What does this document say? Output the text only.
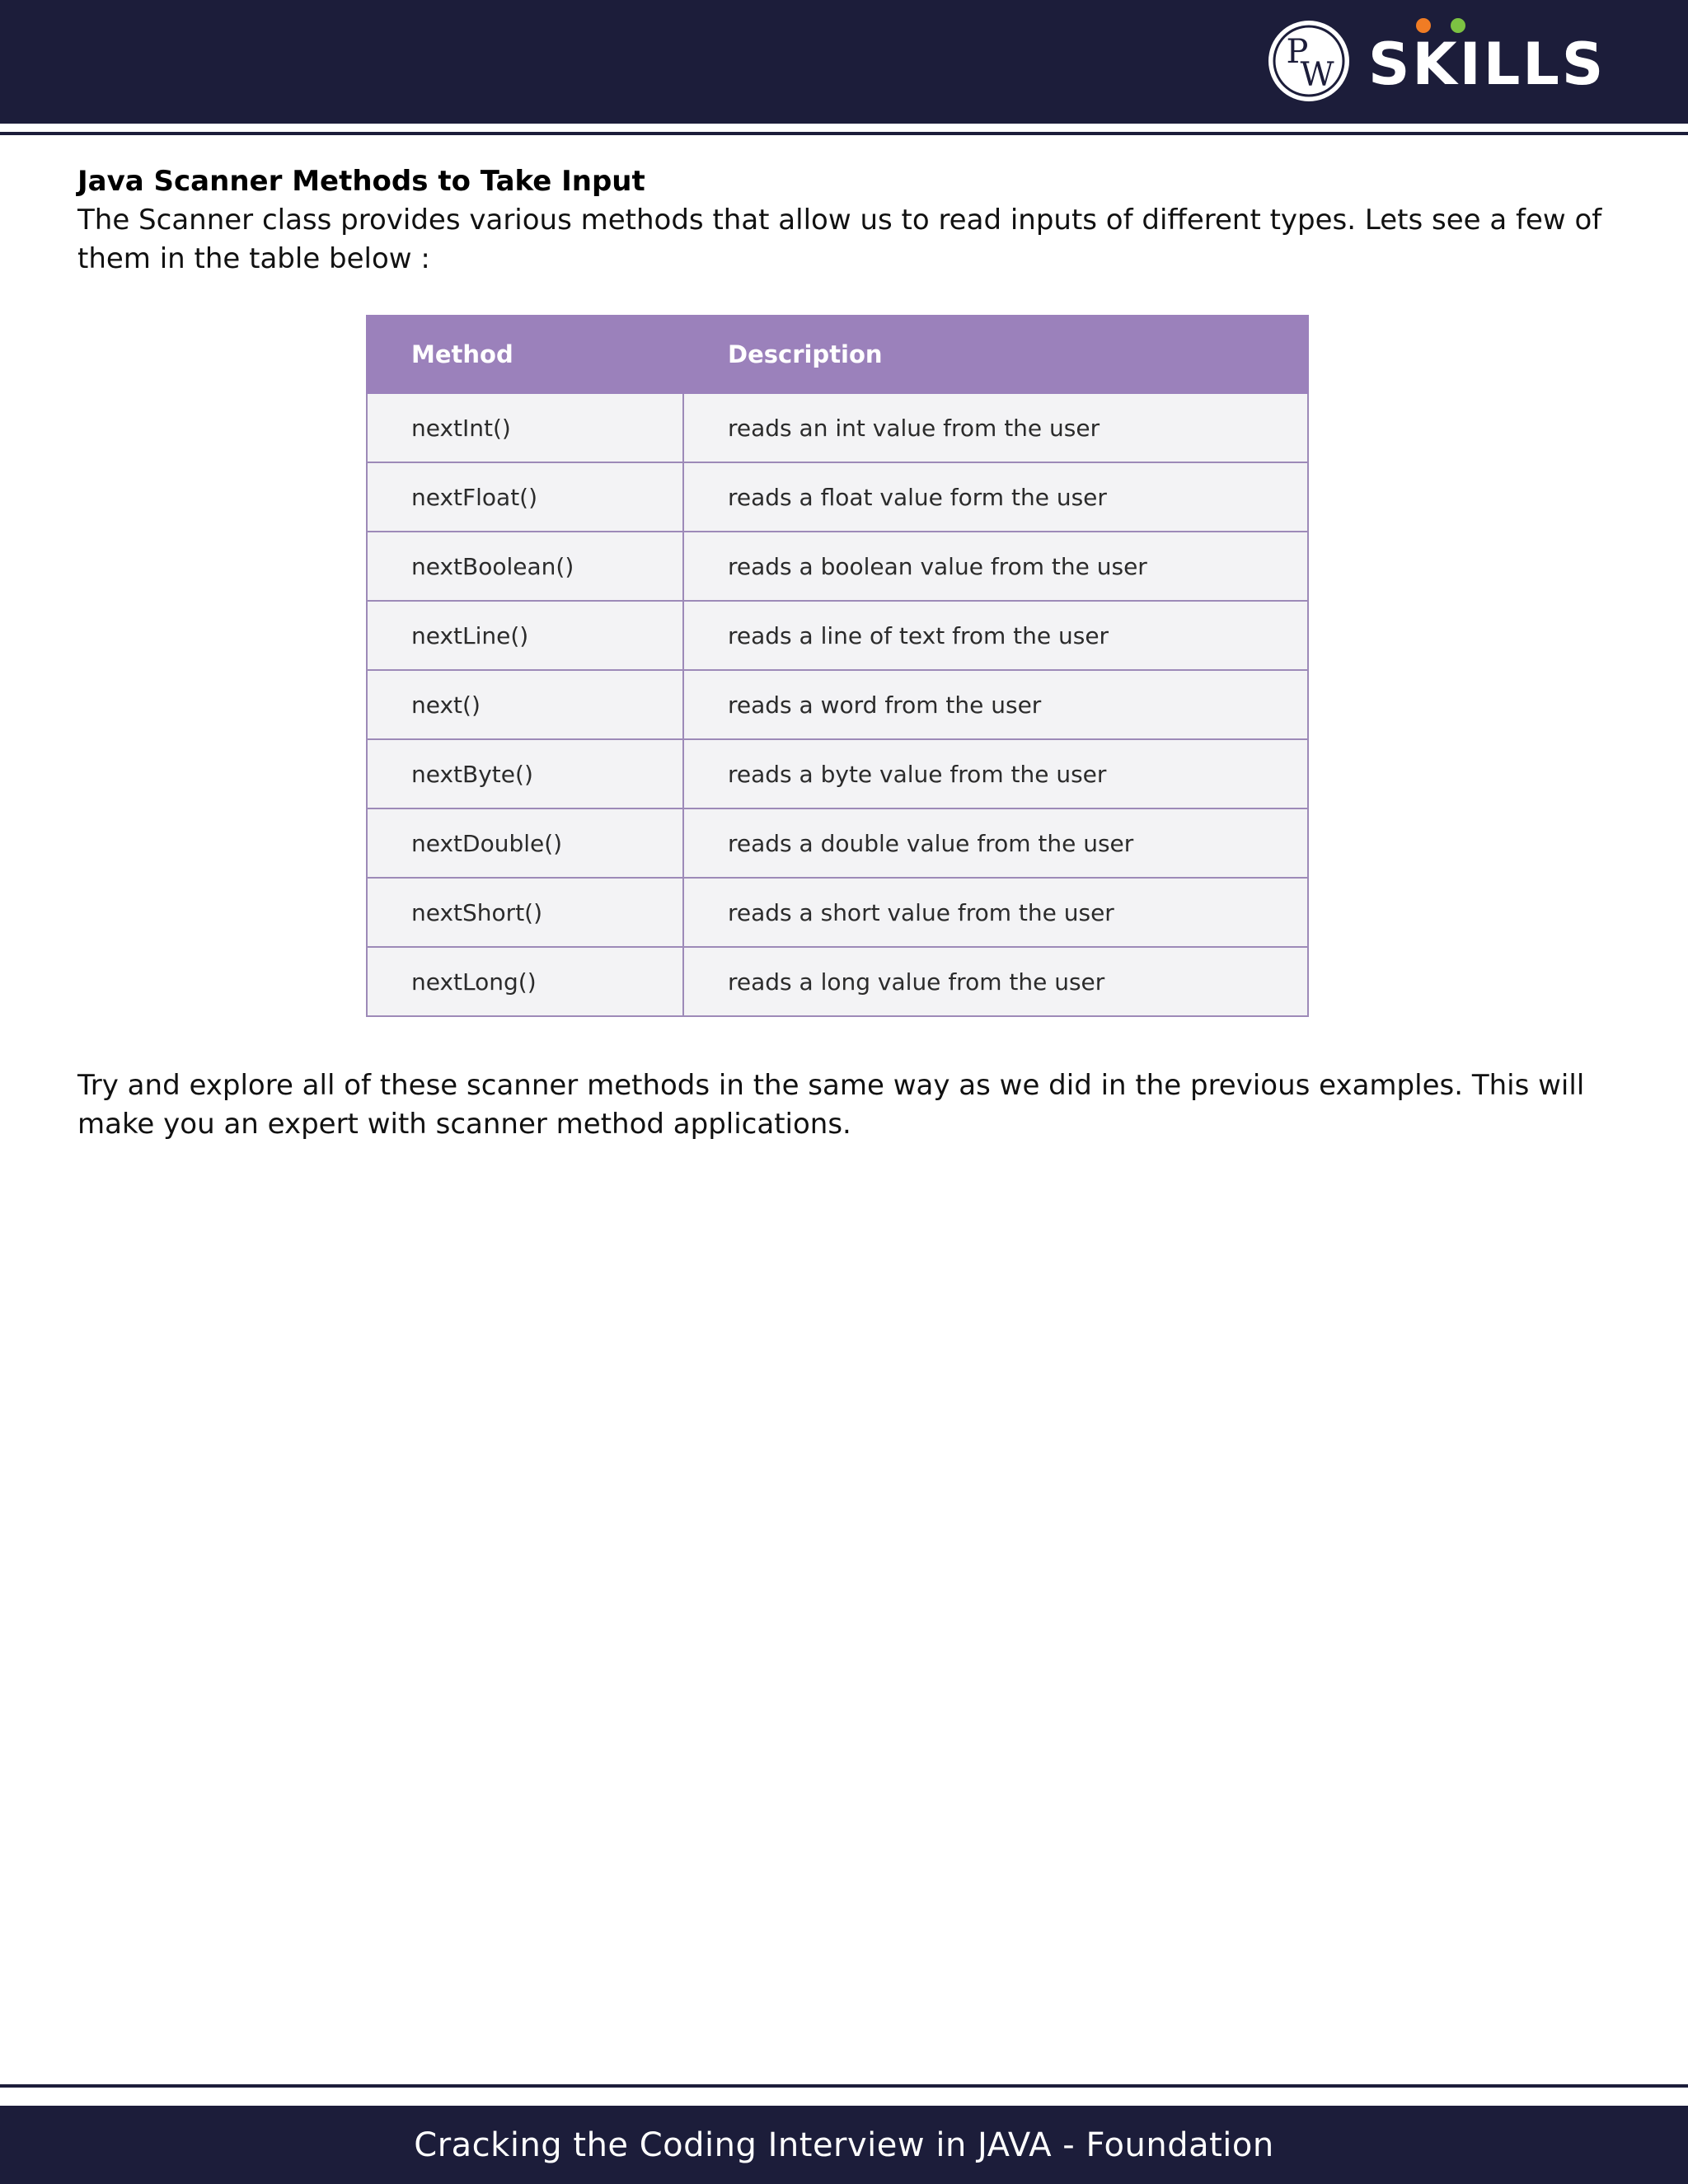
P
W SKILLS
Java Scanner Methods to Take Input

The Scanner class provides various methods that allow us to read inputs of different types. Lets see a few of them in the table below :

Method	Description
nextInt()	reads an int value from the user
nextFloat()	reads a float value form the user
nextBoolean()	reads a boolean value from the user
nextLine()	reads a line of text from the user
next()	reads a word from the user
nextByte()	reads a byte value from the user
nextDouble()	reads a double value from the user
nextShort()	reads a short value from the user
nextLong()	reads a long value from the user

Try and explore all of these scanner methods in the same way as we did in the previous examples. This will make you an expert with scanner method applications.

Cracking the Coding Interview in JAVA - Foundation
